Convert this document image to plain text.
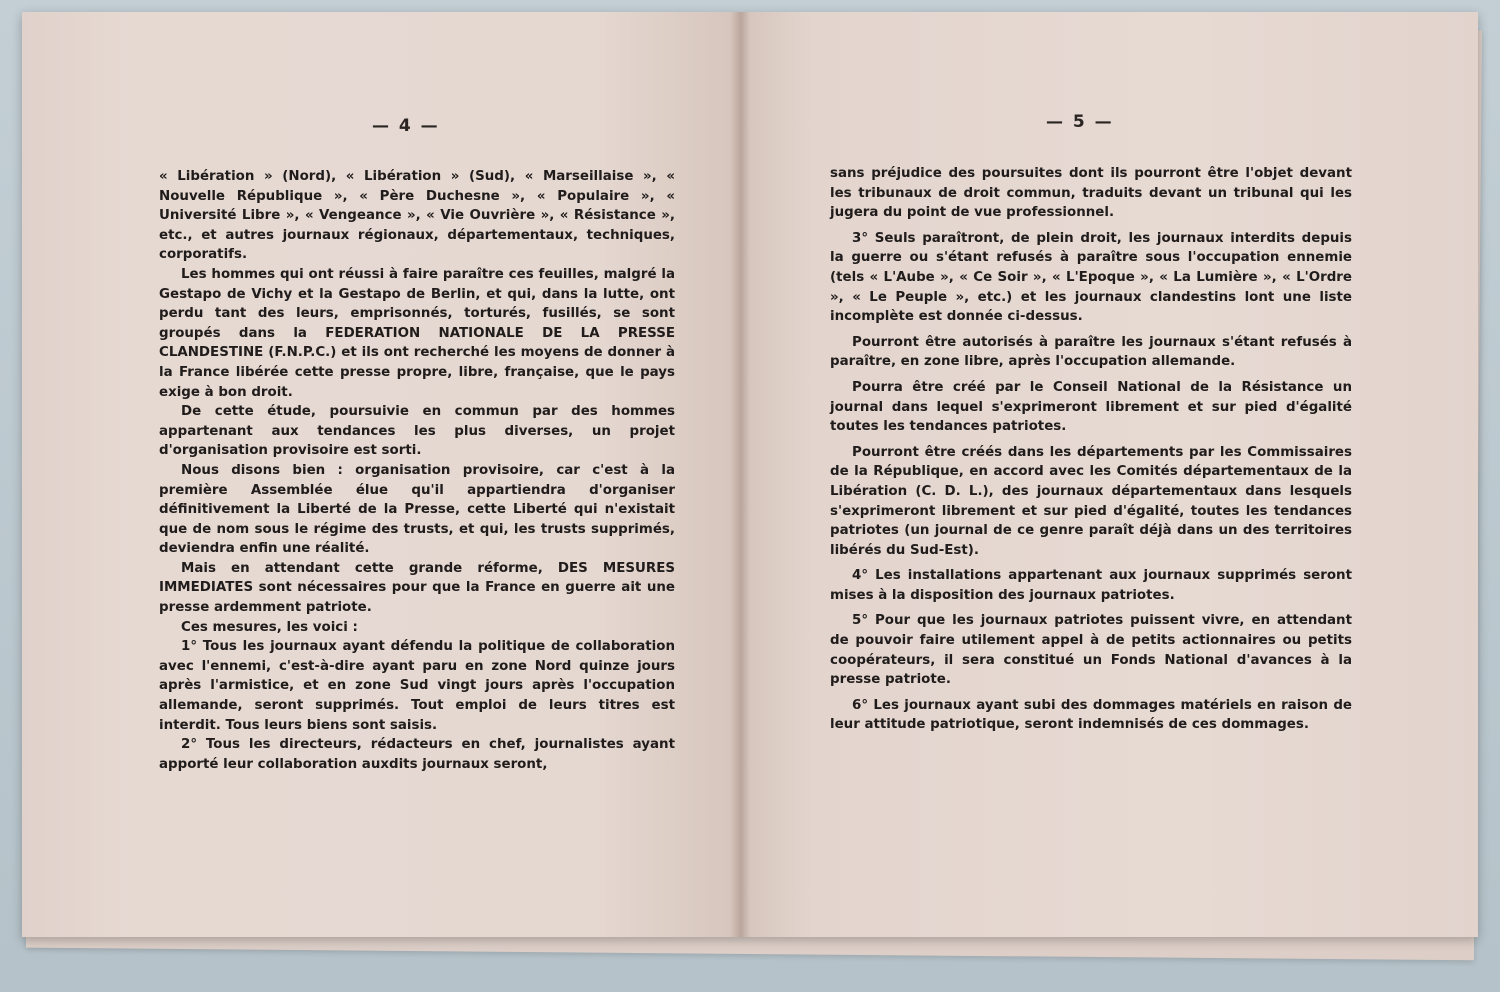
— 4 —

« Libération » (Nord), « Libération » (Sud), « Marseillaise », « Nouvelle République », « Père Duchesne », « Populaire », « Université Libre », « Vengeance », « Vie Ouvrière », « Résistance », etc., et autres journaux régionaux, départementaux, techniques, corporatifs.

Les hommes qui ont réussi à faire paraître ces feuilles, malgré la Gestapo de Vichy et la Gestapo de Berlin, et qui, dans la lutte, ont perdu tant des leurs, emprisonnés, torturés, fusillés, se sont groupés dans la FEDERATION NATIONALE DE LA PRESSE CLANDESTINE (F.N.P.C.) et ils ont recherché les moyens de donner à la France libérée cette presse propre, libre, française, que le pays exige à bon droit.

De cette étude, poursuivie en commun par des hommes appartenant aux tendances les plus diverses, un projet d'organisation provisoire est sorti.

Nous disons bien : organisation provisoire, car c'est à la première Assemblée élue qu'il appartiendra d'organiser définitivement la Liberté de la Presse, cette Liberté qui n'existait que de nom sous le régime des trusts, et qui, les trusts supprimés, deviendra enfin une réalité.

Mais en attendant cette grande réforme, DES MESURES IMMEDIATES sont nécessaires pour que la France en guerre ait une presse ardemment patriote.

Ces mesures, les voici :

1° Tous les journaux ayant défendu la politique de collaboration avec l'ennemi, c'est-à-dire ayant paru en zone Nord quinze jours après l'armistice, et en zone Sud vingt jours après l'occupation allemande, seront supprimés. Tout emploi de leurs titres est interdit. Tous leurs biens sont saisis.

2° Tous les directeurs, rédacteurs en chef, journalistes ayant apporté leur collaboration auxdits journaux seront,

— 5 —

sans préjudice des poursuites dont ils pourront être l'objet devant les tribunaux de droit commun, traduits devant un tribunal qui les jugera du point de vue professionnel.

3° Seuls paraîtront, de plein droit, les journaux interdits depuis la guerre ou s'étant refusés à paraître sous l'occupation ennemie (tels « L'Aube », « Ce Soir », « L'Epoque », « La Lumière », « L'Ordre », « Le Peuple », etc.) et les journaux clandestins lont une liste incomplète est donnée ci-dessus.

Pourront être autorisés à paraître les journaux s'étant refusés à paraître, en zone libre, après l'occupation allemande.

Pourra être créé par le Conseil National de la Résistance un journal dans lequel s'exprimeront librement et sur pied d'égalité toutes les tendances patriotes.

Pourront être créés dans les départements par les Commissaires de la République, en accord avec les Comités départementaux de la Libération (C. D. L.), des journaux départementaux dans lesquels s'exprimeront librement et sur pied d'égalité, toutes les tendances patriotes (un journal de ce genre paraît déjà dans un des territoires libérés du Sud-Est).

4° Les installations appartenant aux journaux supprimés seront mises à la disposition des journaux patriotes.

5° Pour que les journaux patriotes puissent vivre, en attendant de pouvoir faire utilement appel à de petits actionnaires ou petits coopérateurs, il sera constitué un Fonds National d'avances à la presse patriote.

6° Les journaux ayant subi des dommages matériels en raison de leur attitude patriotique, seront indemnisés de ces dommages.
